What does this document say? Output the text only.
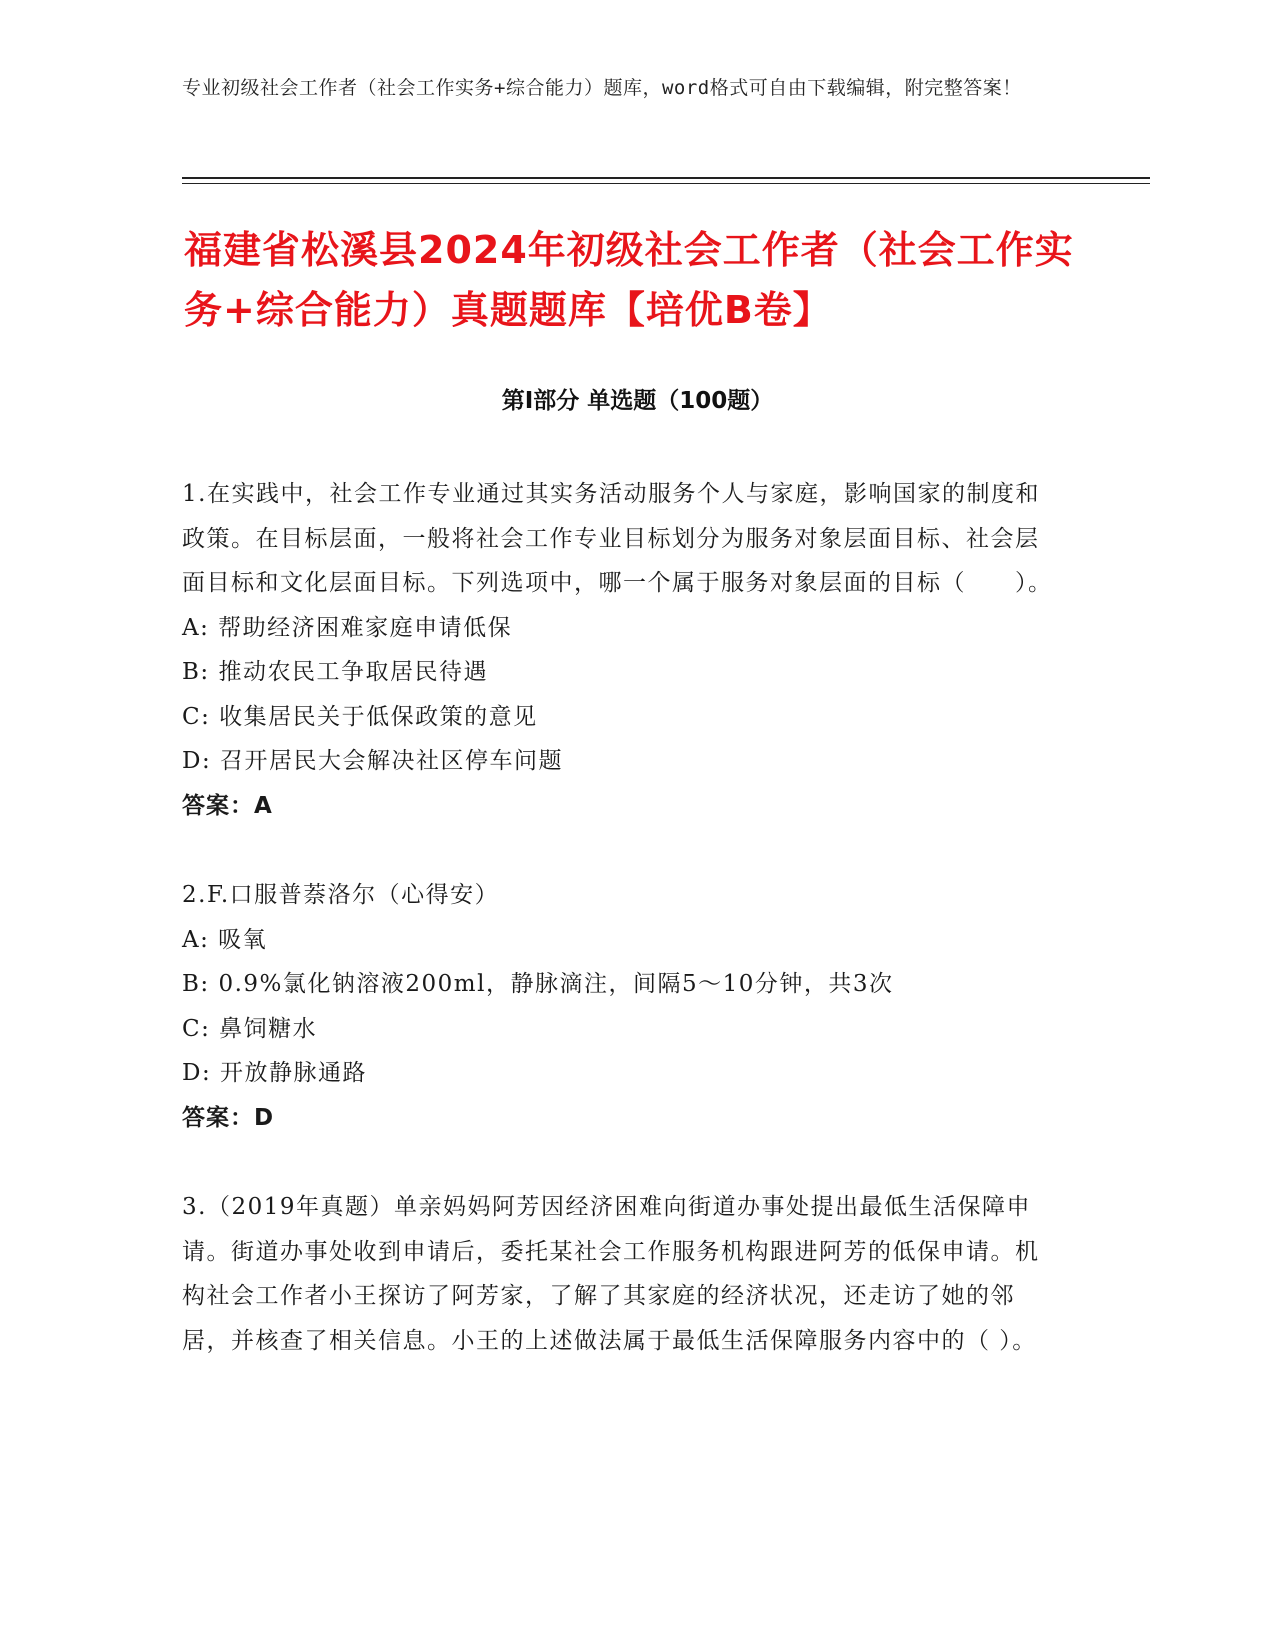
专业初级社会工作者（社会工作实务+综合能力）题库，word格式可自由下载编辑，附完整答案！
福建省松溪县2024年初级社会工作者（社会工作实务+综合能力）真题题库【培优B卷】
第I部分 单选题（100题）

1.在实践中，社会工作专业通过其实务活动服务个人与家庭，影响国家的制度和政策。在目标层面，一般将社会工作专业目标划分为服务对象层面目标、社会层面目标和文化层面目标。下列选项中，哪一个属于服务对象层面的目标（　　）。

A: 帮助经济困难家庭申请低保

B: 推动农民工争取居民待遇

C: 收集居民关于低保政策的意见

D: 召开居民大会解决社区停车问题

答案：A

2.F.口服普萘洛尔（心得安）

A: 吸氧

B: 0.9%氯化钠溶液200ml，静脉滴注，间隔5～10分钟，共3次

C: 鼻饲糖水

D: 开放静脉通路

答案：D

3.（2019年真题）单亲妈妈阿芳因经济困难向街道办事处提出最低生活保障申请。街道办事处收到申请后，委托某社会工作服务机构跟进阿芳的低保申请。机构社会工作者小王探访了阿芳家，了解了其家庭的经济状况，还走访了她的邻居，并核查了相关信息。小王的上述做法属于最低生活保障服务内容中的（ ）。
